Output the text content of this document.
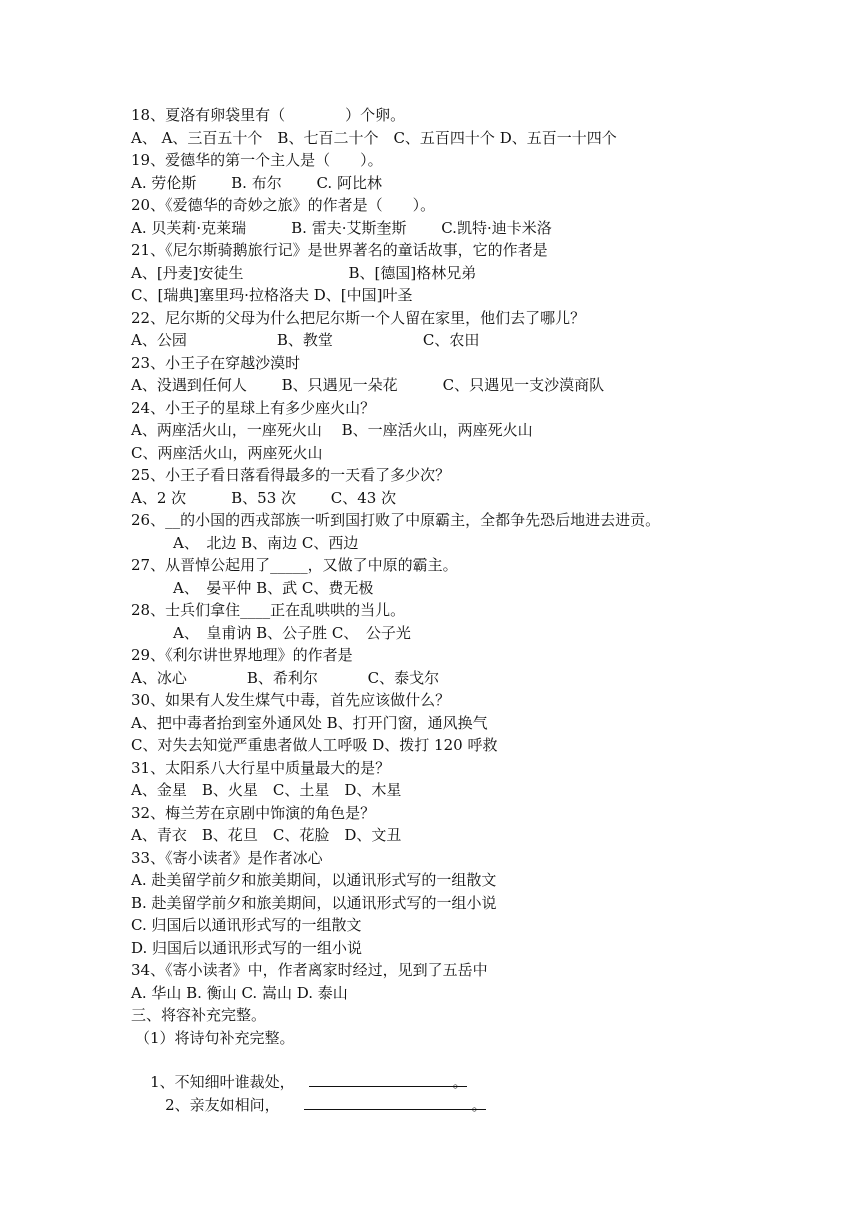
18、夏洛有卵袋里有（　　　　）个卵。
A、 A、三百五十个　B、七百二十个　C、五百四十个 D、五百一十四个
19、爱德华的第一个主人是（　　）。
A. 劳伦斯　　 B. 布尔　　 C. 阿比林
20、《爱德华的奇妙之旅》的作者是（　　）。
A. 贝芙莉·克莱瑞　　　B. 雷夫·艾斯奎斯　　 C.凯特·迪卡米洛
21、《尼尔斯骑鹅旅行记》是世界著名的童话故事，它的作者是
A、[丹麦]安徒生　　　　　　　B、[德国]格林兄弟
C、[瑞典]塞里玛·拉格洛夫 D、[中国]叶圣
22、尼尔斯的父母为什么把尼尔斯一个人留在家里，他们去了哪儿？
A、公园　　　　　　B、教堂　　　　　　C、农田
23、小王子在穿越沙漠时
A、没遇到任何人　　 B、只遇见一朵花　　　C、只遇见一支沙漠商队
24、小王子的星球上有多少座火山？
A、两座活火山，一座死火山　 B、一座活火山，两座死火山
C、两座活火山，两座死火山
25、小王子看日落看得最多的一天看了多少次？
A、2 次　　　B、53 次　　 C、43 次
26、__的小国的西戎部族一听到国打败了中原霸主，全都争先恐后地进去进贡。
A、　北边 B、南边 C、西边
27、从晋悼公起用了_____，又做了中原的霸主。
A、　晏平仲 B、武 C、费无极
28、士兵们拿住____正在乱哄哄的当儿。
A、　皇甫讷 B、公子胜 C、　公子光
29、《利尔讲世界地理》的作者是
A、冰心　　　　B、希利尔　　　 C、泰戈尔
30、如果有人发生煤气中毒，首先应该做什么？
A、把中毒者抬到室外通风处 B、打开门窗，通风换气
C、对失去知觉严重患者做人工呼吸 D、拨打 120 呼救
31、太阳系八大行星中质量最大的是？
A、金星　B、火星　C、土星　D、木星
32、梅兰芳在京剧中饰演的角色是？
A、青衣　B、花旦　C、花脸　D、文丑
33、《寄小读者》是作者冰心
A. 赴美留学前夕和旅美期间，以通讯形式写的一组散文
B. 赴美留学前夕和旅美期间，以通讯形式写的一组小说
C. 归国后以通讯形式写的一组散文
D. 归国后以通讯形式写的一组小说
34、《寄小读者》中，作者离家时经过，见到了五岳中
A. 华山 B. 衡山 C. 嵩山 D. 泰山
三、将容补充完整。
（1）将诗句补充完整。

1、不知细叶谁裁处，	。

2、亲友如相问，	。
